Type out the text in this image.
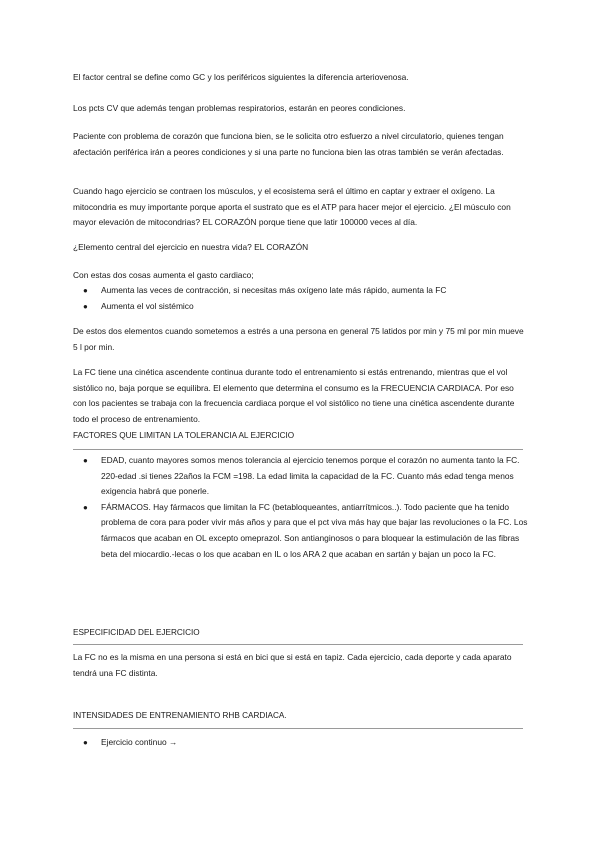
El factor central se define como GC y los periféricos siguientes la diferencia arteriovenosa.

Los pcts CV que además tengan problemas respiratorios, estarán en peores condiciones.

Paciente con problema de corazón que funciona bien, se le solicita otro esfuerzo a nivel circulatorio, quienes tengan afectación periférica irán a peores condiciones y si una parte no funciona bien las otras también se verán afectadas.

Cuando hago ejercicio se contraen los músculos, y el ecosistema será el último en captar y extraer el oxígeno. La mitocondria es muy importante porque aporta el sustrato que es el ATP para hacer mejor el ejercicio. ¿El músculo con mayor elevación de mitocondrias? EL CORAZÓN porque tiene que latir 100000 veces al día.

¿Elemento central del ejercicio en nuestra vida? EL CORAZÓN

Con estas dos cosas aumenta el gasto cardiaco;

● Aumenta las veces de contracción, si necesitas más oxígeno late más rápido, aumenta la FC
● Aumenta el vol sistémico

De estos dos elementos cuando sometemos a estrés a una persona en general 75 latidos por min y 75 ml por min mueve 5 l por min.

La FC tiene una cinética ascendente continua durante todo el entrenamiento si estás entrenando, mientras que el vol sistólico no, baja porque se equilibra. El elemento que determina el consumo es la FRECUENCIA CARDIACA. Por eso con los pacientes se trabaja con la frecuencia cardiaca porque el vol sistólico no tiene una cinética ascendente durante todo el proceso de entrenamiento.

FACTORES QUE LIMITAN LA TOLERANCIA AL EJERCICIO

● EDAD, cuanto mayores somos menos tolerancia al ejercicio tenemos porque el corazón no aumenta tanto la FC. 220-edad .si tienes 22años la FCM =198. La edad limita la capacidad de la FC. Cuanto más edad tenga menos exigencia habrá que ponerle.
● FÁRMACOS. Hay fármacos que limitan la FC (betabloqueantes, antiarrítmicos..). Todo paciente que ha tenido problema de cora para poder vivir más años y para que el pct viva más hay que bajar las revoluciones o la FC. Los fármacos que acaban en OL excepto omeprazol. Son antianginosos o para bloquear la estimulación de las fibras beta del miocardio.-lecas o los que acaban en IL o los ARA 2 que acaban en sartán y bajan un poco la FC.

ESPECIFICIDAD DEL EJERCICIO

La FC no es la misma en una persona si está en bici que si está en tapiz. Cada ejercicio, cada deporte y cada aparato tendrá una FC distinta.

INTENSIDADES DE ENTRENAMIENTO RHB CARDIACA.

● Ejercicio continuo →
